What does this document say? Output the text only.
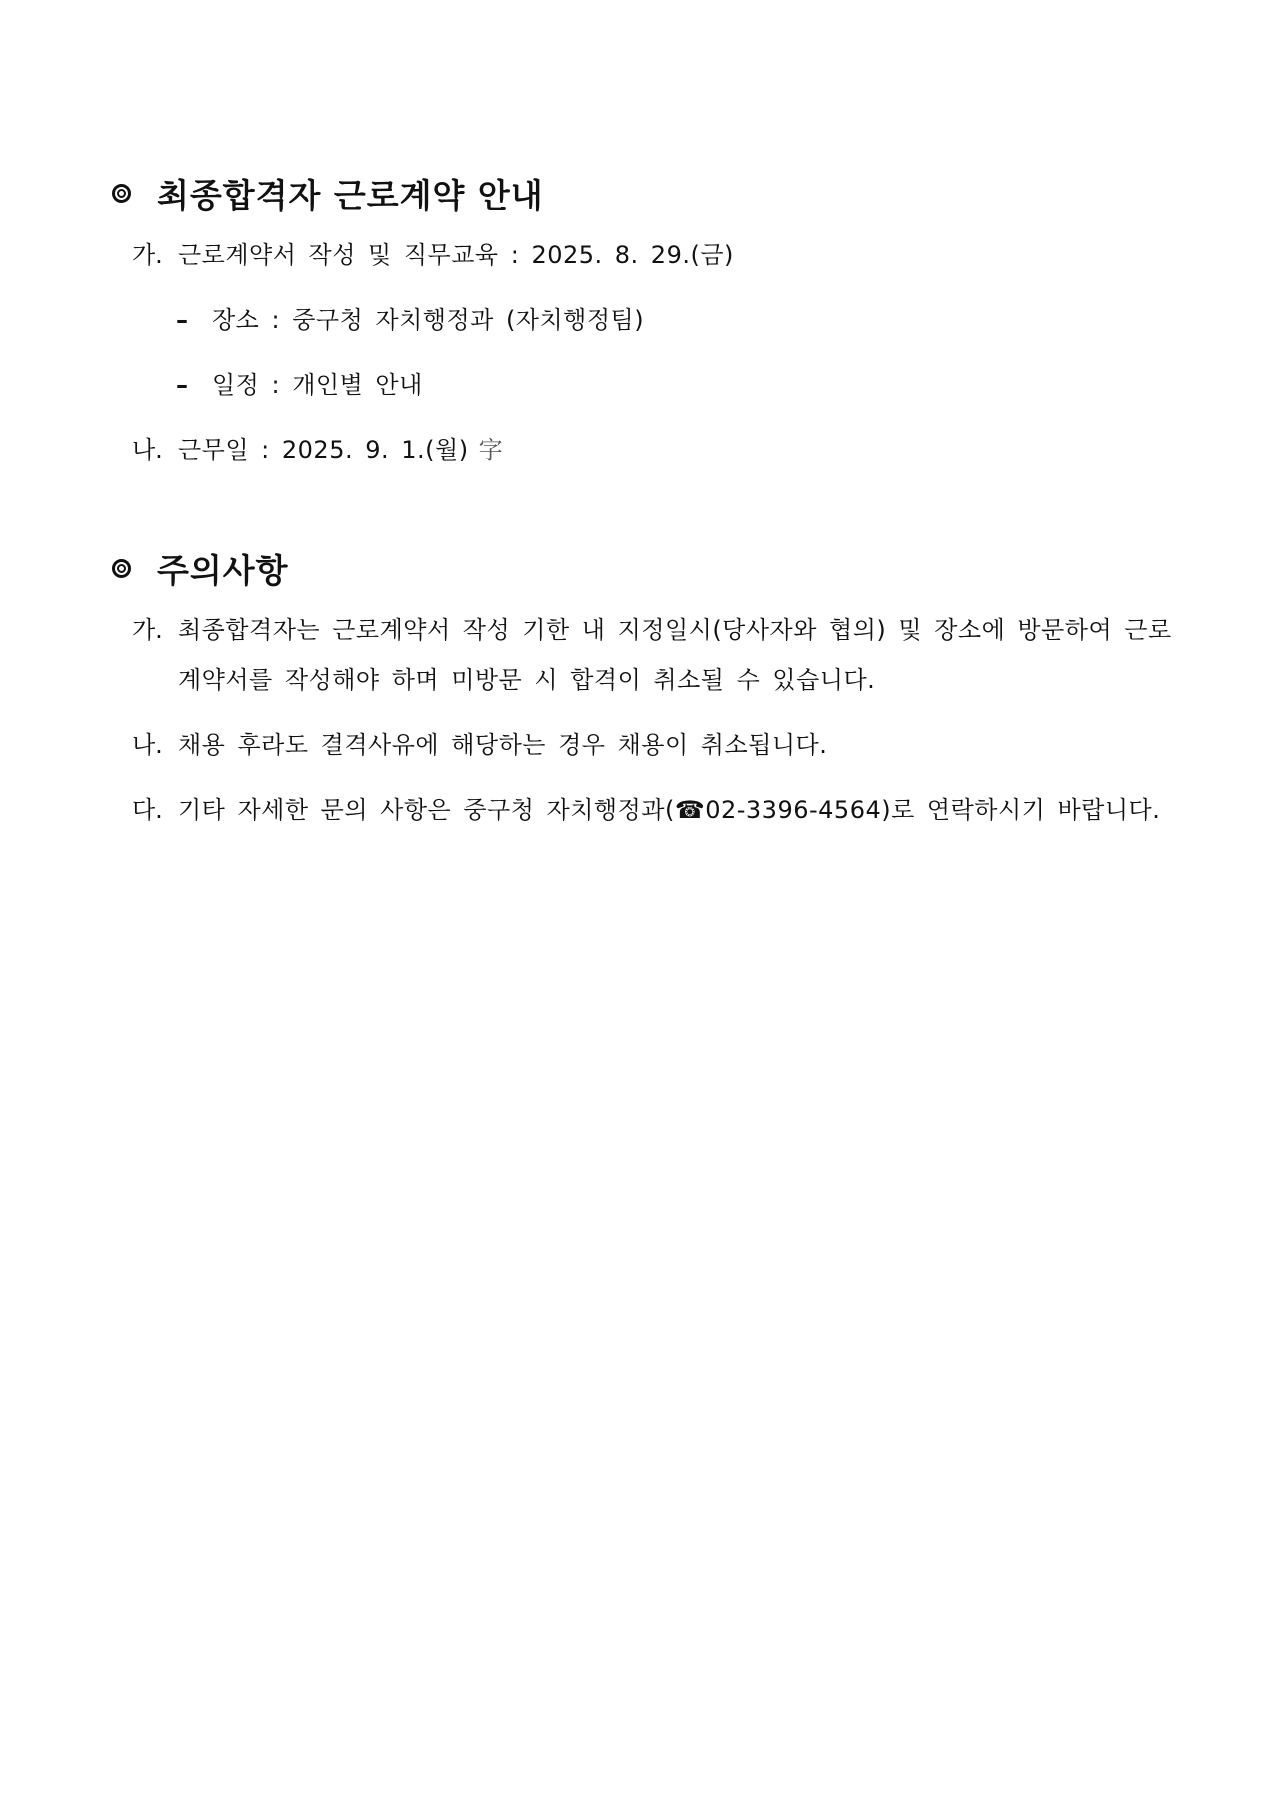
최종합격자 근로계약 안내
가. 근로계약서 작성 및 직무교육 : 2025. 8. 29.(금)
–	장소 : 중구청 자치행정과 (자치행정팀)
–	일정 : 개인별 안내
나. 근무일 : 2025. 9. 1.(월) 字
주의사항
가. 최종합격자는 근로계약서 작성 기한 내 지정일시(당사자와 협의) 및 장소에 방문하여 근로계약서를 작성해야 하며 미방문 시 합격이 취소될 수 있습니다.
나. 채용 후라도 결격사유에 해당하는 경우 채용이 취소됩니다.
다. 기타 자세한 문의 사항은 중구청 자치행정과(☎02-3396-4564)로 연락하시기 바랍니다.
